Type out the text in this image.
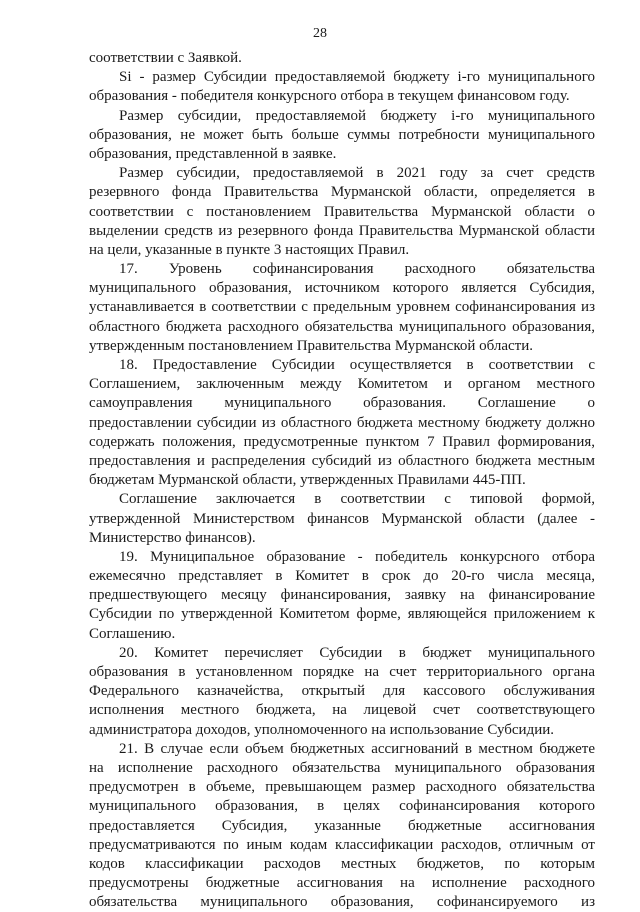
28
соответствии с Заявкой.
Si - размер Субсидии предоставляемой бюджету i-го муниципального
образования - победителя конкурсного отбора в текущем финансовом году.
Размер субсидии, предоставляемой бюджету i-го муниципального
образования, не может быть больше суммы потребности муниципального
образования, представленной в заявке.
Размер субсидии, предоставляемой в 2021 году за счет средств
резервного фонда Правительства Мурманской области, определяется в
соответствии с постановлением Правительства Мурманской области о
выделении средств из резервного фонда Правительства Мурманской области
на цели, указанные в пункте 3 настоящих Правил.
17. Уровень софинансирования расходного обязательства
муниципального образования, источником которого является Субсидия,
устанавливается в соответствии с предельным уровнем софинансирования из
областного бюджета расходного обязательства муниципального образования,
утвержденным постановлением Правительства Мурманской области.
18. Предоставление Субсидии осуществляется в соответствии с
Соглашением, заключенным между Комитетом и органом местного
самоуправления муниципального образования. Соглашение о
предоставлении субсидии из областного бюджета местному бюджету должно
содержать положения, предусмотренные пунктом 7 Правил формирования,
предоставления и распределения субсидий из областного бюджета местным
бюджетам Мурманской области, утвержденных Правилами 445-ПП.
Соглашение заключается в соответствии с типовой формой,
утвержденной Министерством финансов Мурманской области (далее -
Министерство финансов).
19. Муниципальное образование - победитель конкурсного отбора
ежемесячно представляет в Комитет в срок до 20-го числа месяца,
предшествующего месяцу финансирования, заявку на финансирование
Субсидии по утвержденной Комитетом форме, являющейся приложением к
Соглашению.
20. Комитет перечисляет Субсидии в бюджет муниципального
образования в установленном порядке на счет территориального органа
Федерального казначейства, открытый для кассового обслуживания
исполнения местного бюджета, на лицевой счет соответствующего
администратора доходов, уполномоченного на использование Субсидии.
21. В случае если объем бюджетных ассигнований в местном бюджете
на исполнение расходного обязательства муниципального образования
предусмотрен в объеме, превышающем размер расходного обязательства
муниципального образования, в целях софинансирования которого
предоставляется Субсидия, указанные бюджетные ассигнования
предусматриваются по иным кодам классификации расходов, отличным от
кодов классификации расходов местных бюджетов, по которым
предусмотрены бюджетные ассигнования на исполнение расходного
обязательства муниципального образования, софинансируемого из
